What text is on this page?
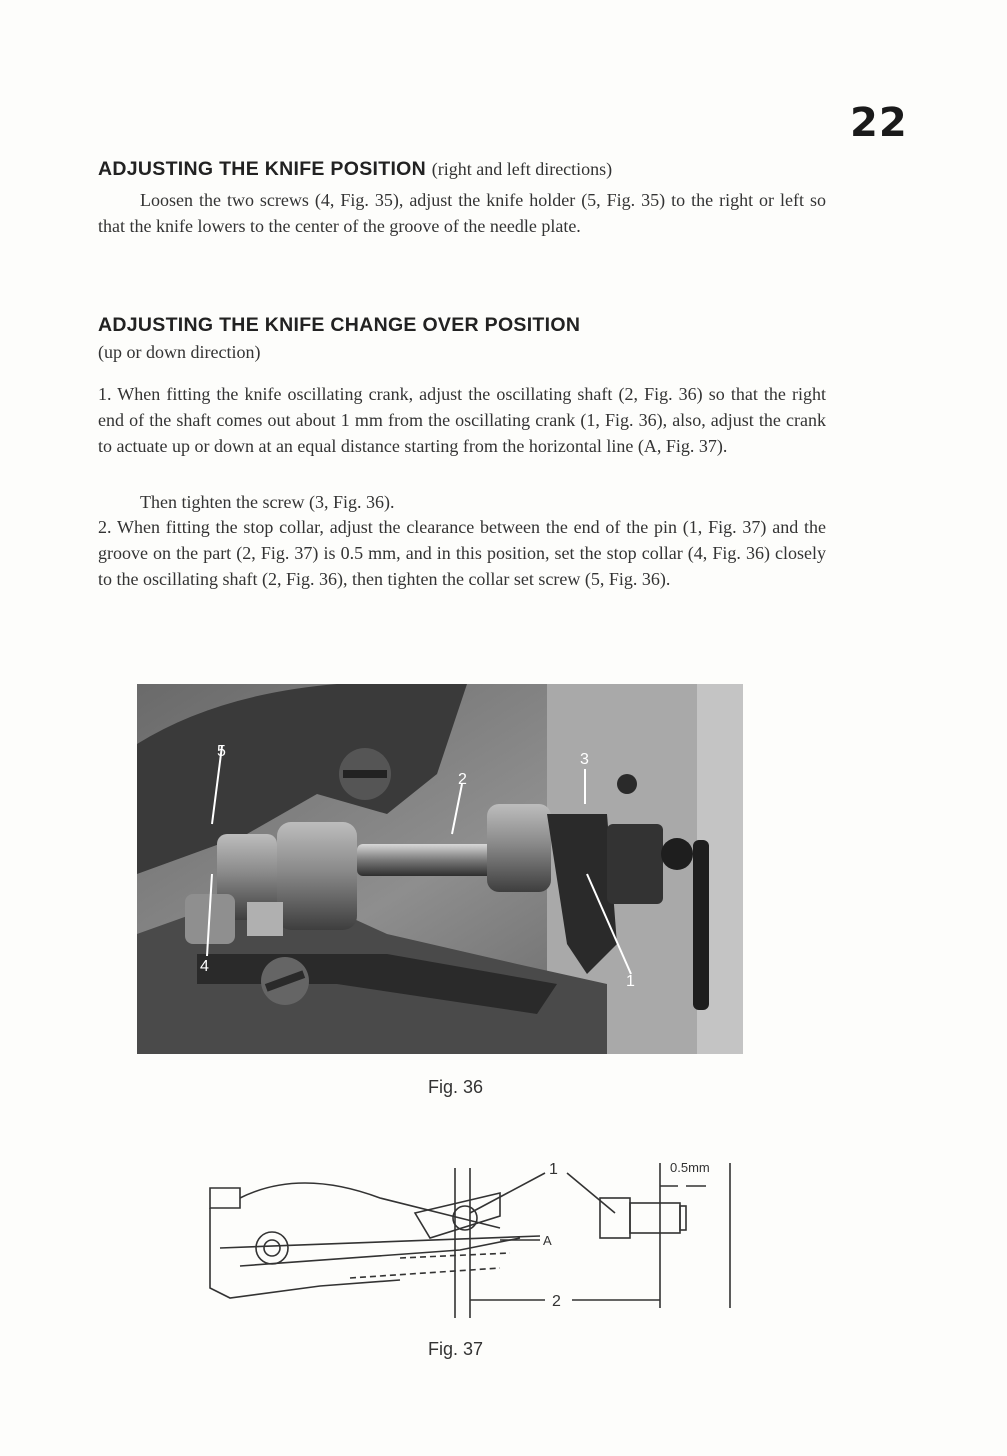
22
ADJUSTING THE KNIFE POSITION (right and left directions)

Loosen the two screws (4, Fig. 35), adjust the knife holder (5, Fig. 35) to the right or left so that the knife lowers to the center of the groove of the needle plate.

ADJUSTING THE KNIFE CHANGE OVER POSITION
(up or down direction)

1. When fitting the knife oscillating crank, adjust the oscillating shaft (2, Fig. 36) so that the right end of the shaft comes out about 1 mm from the oscillating crank (1, Fig. 36), also, adjust the crank to actuate up or down at an equal distance starting from the horizontal line (A, Fig. 37).

Then tighten the screw (3, Fig. 36).

2. When fitting the stop collar, adjust the clearance between the end of the pin (1, Fig. 37) and the groove on the part (2, Fig. 37) is 0.5 mm, and in this position, set the stop collar (4, Fig. 36) closely to the oscillating shaft (2, Fig. 36), then tighten the collar set screw (5, Fig. 36).

5
4
2
3
1
Fig. 36
1
A
2
0.5mm
Fig. 37
